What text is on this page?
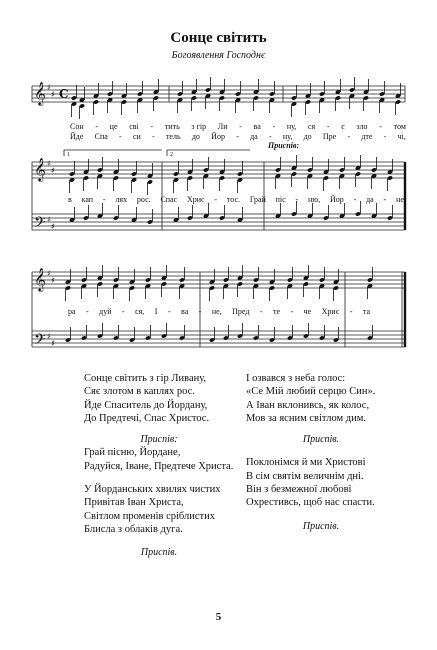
Сонце світить
Богоявлення Господнє
𝄞
𝄞
𝄢
𝄞
𝄢
♯
♯
♯
♯
♯
♯
♯
♯
♯
♯
C
1	2
Приспів:
Сон - це сві - тить з гір Ли - ва - ну, ся - є зло - том
Йде Спа - си - тель до Йор - да - ну, до Пре - дте - чі,
в кап - лях рос. Спас Хрис - тос. Грай піс - ню, Йор - да - не,
ра - дуй - ся, І - ва - не, Пред - те - че Хрис - та
Сонце світить з гір Ливану,
Сяє злотом в каплях рос.
Йде Спаситель до Йордану,
До Предтечі, Спас Христос.
Приспів:
Грай пісню, Йордане,
Радуйся, Іване, Предтече Христа.
У Йорданських хвилях чистих
Привітав Іван Христа,
Світлом променів сріблистих
Блисла з облаків дуга.
Приспів.
І озвався з неба голос:
«Се Мій любий серцю Син».
А Іван вклонивсь, як колос,
Мов за ясним світлом дим.
Приспів.
Поклонімся й ми Христові
В сім святім величнім дні.
Він з безмежної любові
Охрестивсь, щоб нас спасти.
Приспів.
5
